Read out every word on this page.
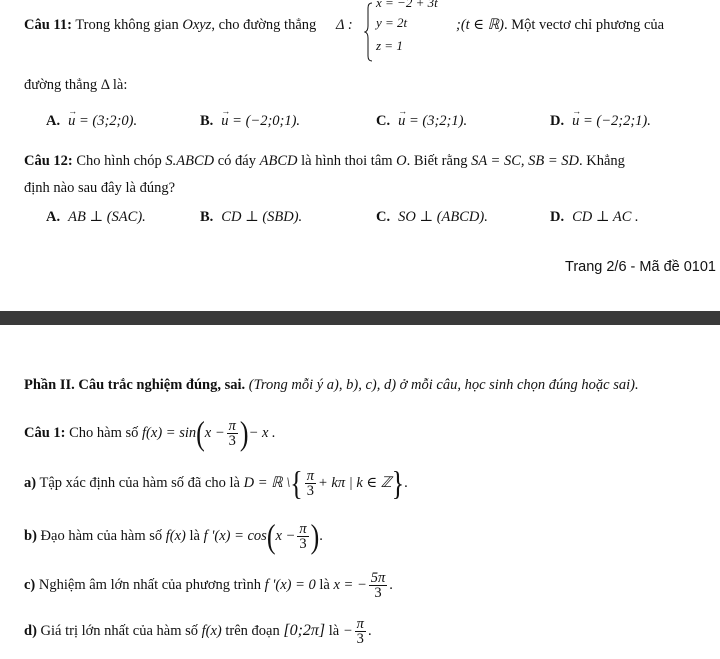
Câu 11: Trong không gian Oxyz, cho đường thẳng Δ :
x = −2 + 3t
y = 2t
z = 1
;(t ∈ ℝ). Một vectơ chỉ phương của
đường thẳng Δ là:
A. → u = (3;2;0).	B. → u = (−2;0;1).	C. → u = (3;2;1).	D. → u = (−2;2;1).
Câu 12: Cho hình chóp S.ABCD có đáy ABCD là hình thoi tâm O. Biết rằng SA = SC, SB = SD. Khẳng
định nào sau đây là đúng?
A. AB ⊥ (SAC).	B. CD ⊥ (SBD).	C. SO ⊥ (ABCD).	D. CD ⊥ AC .
Trang 2/6 - Mã đề 0101
Phần II. Câu trắc nghiệm đúng, sai. (Trong mỗi ý a), b), c), d) ở mỗi câu, học sinh chọn đúng hoặc sai).
Câu 1: Cho hàm số $f(x) = \sin(x - \frac{\pi}{3}$ )− x .
a) Tập xác định của hàm số đã cho là D = ℝ \{ $\frac{\pi}{3} + k\pi$ | k ∈ ℤ}.
b) Đạo hàm của hàm số f(x) là f '$(x) = \cos(x - \frac{\pi}{3}$ ).
c) Nghiệm âm lớn nhất của phương trình f '(x) = 0 là x = − $\frac{5\pi}{3}$ .
d) Giá trị lớn nhất của hàm số f(x) trên đoạn [0;2π] là − $\frac{\pi}{3}$ .
